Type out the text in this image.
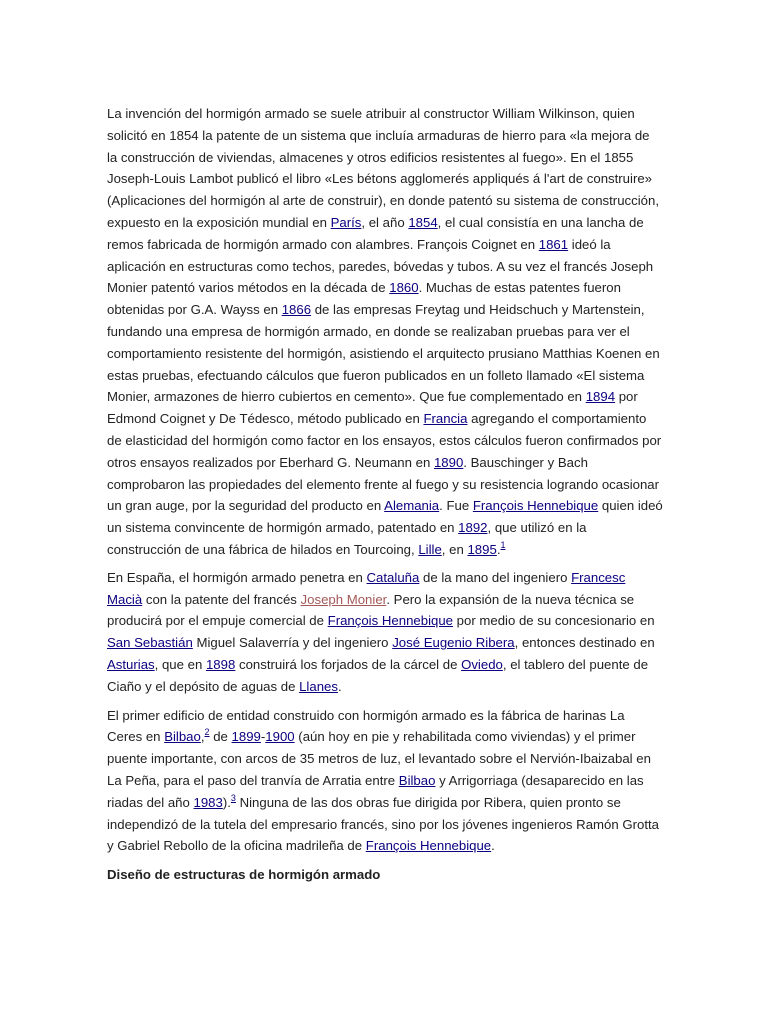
La invención del hormigón armado se suele atribuir al constructor William Wilkinson, quien solicitó en 1854 la patente de un sistema que incluía armaduras de hierro para «la mejora de la construcción de viviendas, almacenes y otros edificios resistentes al fuego». En el 1855 Joseph-Louis Lambot publicó el libro «Les bétons agglomerés appliqués á l'art de construire» (Aplicaciones del hormigón al arte de construir), en donde patentó su sistema de construcción, expuesto en la exposición mundial en París, el año 1854, el cual consistía en una lancha de remos fabricada de hormigón armado con alambres. François Coignet en 1861 ideó la aplicación en estructuras como techos, paredes, bóvedas y tubos. A su vez el francés Joseph Monier patentó varios métodos en la década de 1860. Muchas de estas patentes fueron obtenidas por G.A. Wayss en 1866 de las empresas Freytag und Heidschuch y Martenstein, fundando una empresa de hormigón armado, en donde se realizaban pruebas para ver el comportamiento resistente del hormigón, asistiendo el arquitecto prusiano Matthias Koenen en estas pruebas, efectuando cálculos que fueron publicados en un folleto llamado «El sistema Monier, armazones de hierro cubiertos en cemento». Que fue complementado en 1894 por Edmond Coignet y De Tédesco, método publicado en Francia agregando el comportamiento de elasticidad del hormigón como factor en los ensayos, estos cálculos fueron confirmados por otros ensayos realizados por Eberhard G. Neumann en 1890. Bauschinger y Bach comprobaron las propiedades del elemento frente al fuego y su resistencia logrando ocasionar un gran auge, por la seguridad del producto en Alemania. Fue François Hennebique quien ideó un sistema convincente de hormigón armado, patentado en 1892, que utilizó en la construcción de una fábrica de hilados en Tourcoing, Lille, en 1895.$^1$

En España, el hormigón armado penetra en Cataluña de la mano del ingeniero Francesc Macià con la patente del francés Joseph Monier. Pero la expansión de la nueva técnica se producirá por el empuje comercial de François Hennebique por medio de su concesionario en San Sebastián Miguel Salaverría y del ingeniero José Eugenio Ribera, entonces destinado en Asturias, que en 1898 construirá los forjados de la cárcel de Oviedo, el tablero del puente de Ciaño y el depósito de aguas de Llanes.

El primer edificio de entidad construido con hormigón armado es la fábrica de harinas La Ceres en Bilbao,$^2$ de 1899-1900 (aún hoy en pie y rehabilitada como viviendas) y el primer puente importante, con arcos de 35 metros de luz, el levantado sobre el Nervión-Ibaizabal en La Peña, para el paso del tranvía de Arratia entre Bilbao y Arrigorriaga (desaparecido en las riadas del año 1983).$^3$ Ninguna de las dos obras fue dirigida por Ribera, quien pronto se independizó de la tutela del empresario francés, sino por los jóvenes ingenieros Ramón Grotta y Gabriel Rebollo de la oficina madrileña de François Hennebique.

Diseño de estructuras de hormigón armado
